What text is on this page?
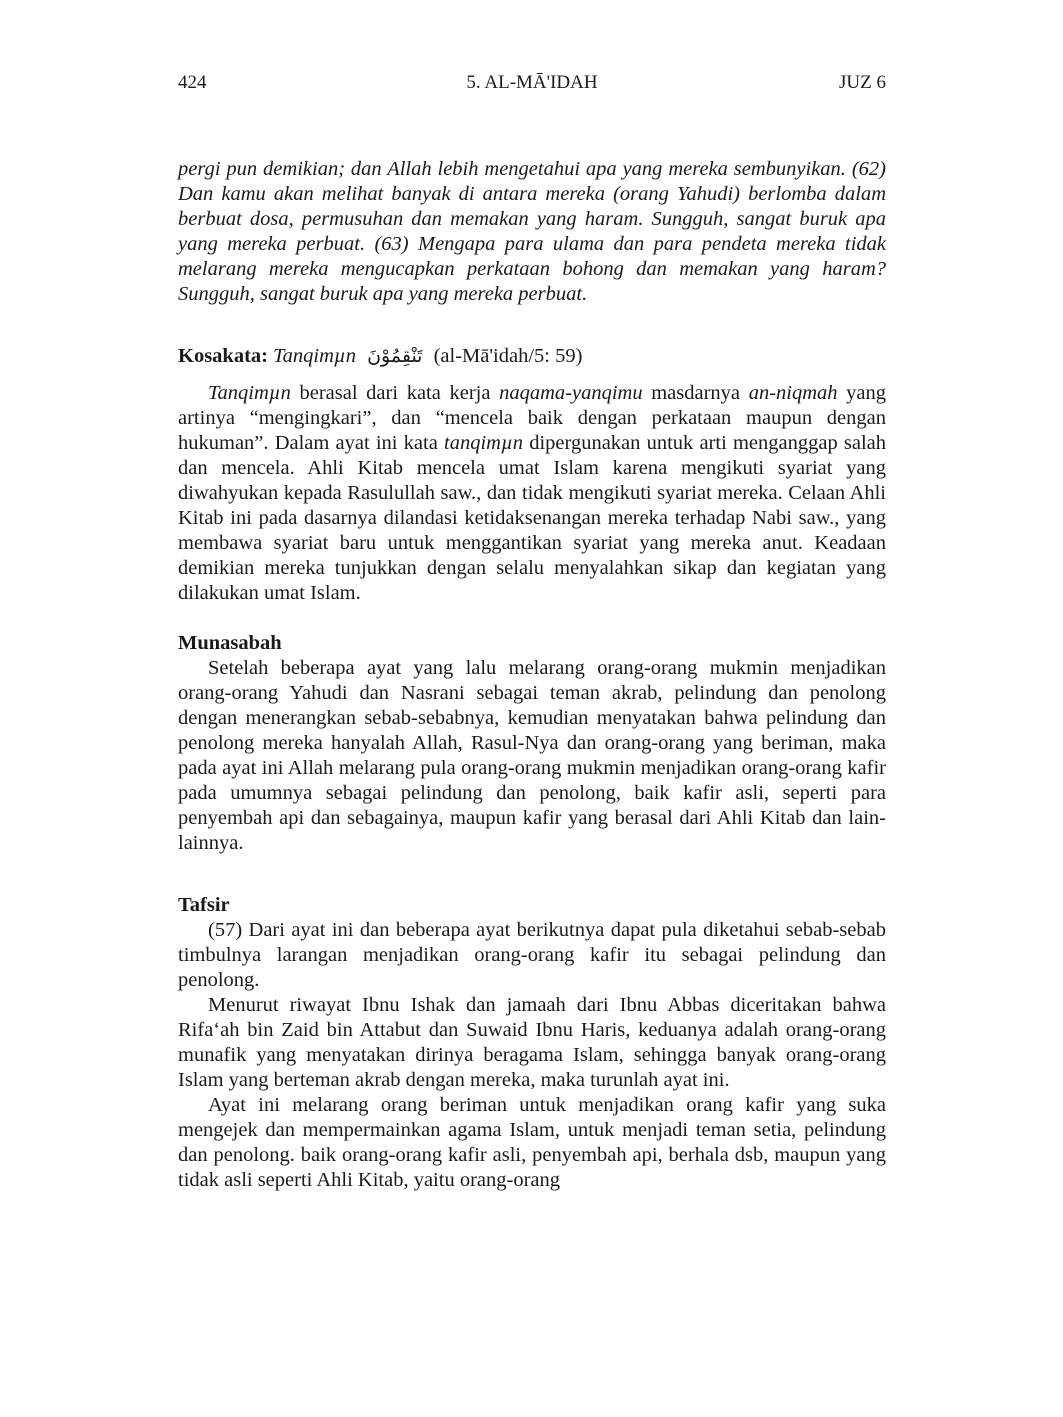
424	5. AL-MĀ'IDAH	JUZ 6

pergi pun demikian; dan Allah lebih mengetahui apa yang mereka sembunyikan. (62) Dan kamu akan melihat banyak di antara mereka (orang Yahudi) berlomba dalam berbuat dosa, permusuhan dan memakan yang haram. Sungguh, sangat buruk apa yang mereka perbuat. (63) Mengapa para ulama dan para pendeta mereka tidak melarang mereka mengucapkan perkataan bohong dan memakan yang haram? Sungguh, sangat buruk apa yang mereka perbuat.

Kosakata: Tanqimµn تَنْقِمُوْنَ (al-Mā'idah/5: 59)

Tanqimµn berasal dari kata kerja naqama-yanqimu masdarnya an-niqmah yang artinya “mengingkari”, dan “mencela baik dengan perkataan maupun dengan hukuman”. Dalam ayat ini kata tanqimµn dipergunakan untuk arti menganggap salah dan mencela. Ahli Kitab mencela umat Islam karena mengikuti syariat yang diwahyukan kepada Rasulullah saw., dan tidak mengikuti syariat mereka. Celaan Ahli Kitab ini pada dasarnya dilandasi ketidaksenangan mereka terhadap Nabi saw., yang membawa syariat baru untuk menggantikan syariat yang mereka anut. Keadaan demikian mereka tunjukkan dengan selalu menyalahkan sikap dan kegiatan yang dilakukan umat Islam.

Munasabah

Setelah beberapa ayat yang lalu melarang orang-orang mukmin menjadikan orang-orang Yahudi dan Nasrani sebagai teman akrab, pelindung dan penolong dengan menerangkan sebab-sebabnya, kemudian menyatakan bahwa pelindung dan penolong mereka hanyalah Allah, Rasul-Nya dan orang-orang yang beriman, maka pada ayat ini Allah melarang pula orang-orang mukmin menjadikan orang-orang kafir pada umumnya sebagai pelindung dan penolong, baik kafir asli, seperti para penyembah api dan sebagainya, maupun kafir yang berasal dari Ahli Kitab dan lain-lainnya.

Tafsir

(57) Dari ayat ini dan beberapa ayat berikutnya dapat pula diketahui sebab-sebab timbulnya larangan menjadikan orang-orang kafir itu sebagai pelindung dan penolong.

Menurut riwayat Ibnu Ishak dan jamaah dari Ibnu Abbas diceritakan bahwa Rifa‘ah bin Zaid bin Attabut dan Suwaid Ibnu Haris, keduanya adalah orang-orang munafik yang menyatakan dirinya beragama Islam, sehingga banyak orang-orang Islam yang berteman akrab dengan mereka, maka turunlah ayat ini.

Ayat ini melarang orang beriman untuk menjadikan orang kafir yang suka mengejek dan mempermainkan agama Islam, untuk menjadi teman setia, pelindung dan penolong. baik orang-orang kafir asli, penyembah api, berhala dsb, maupun yang tidak asli seperti Ahli Kitab, yaitu orang-orang
